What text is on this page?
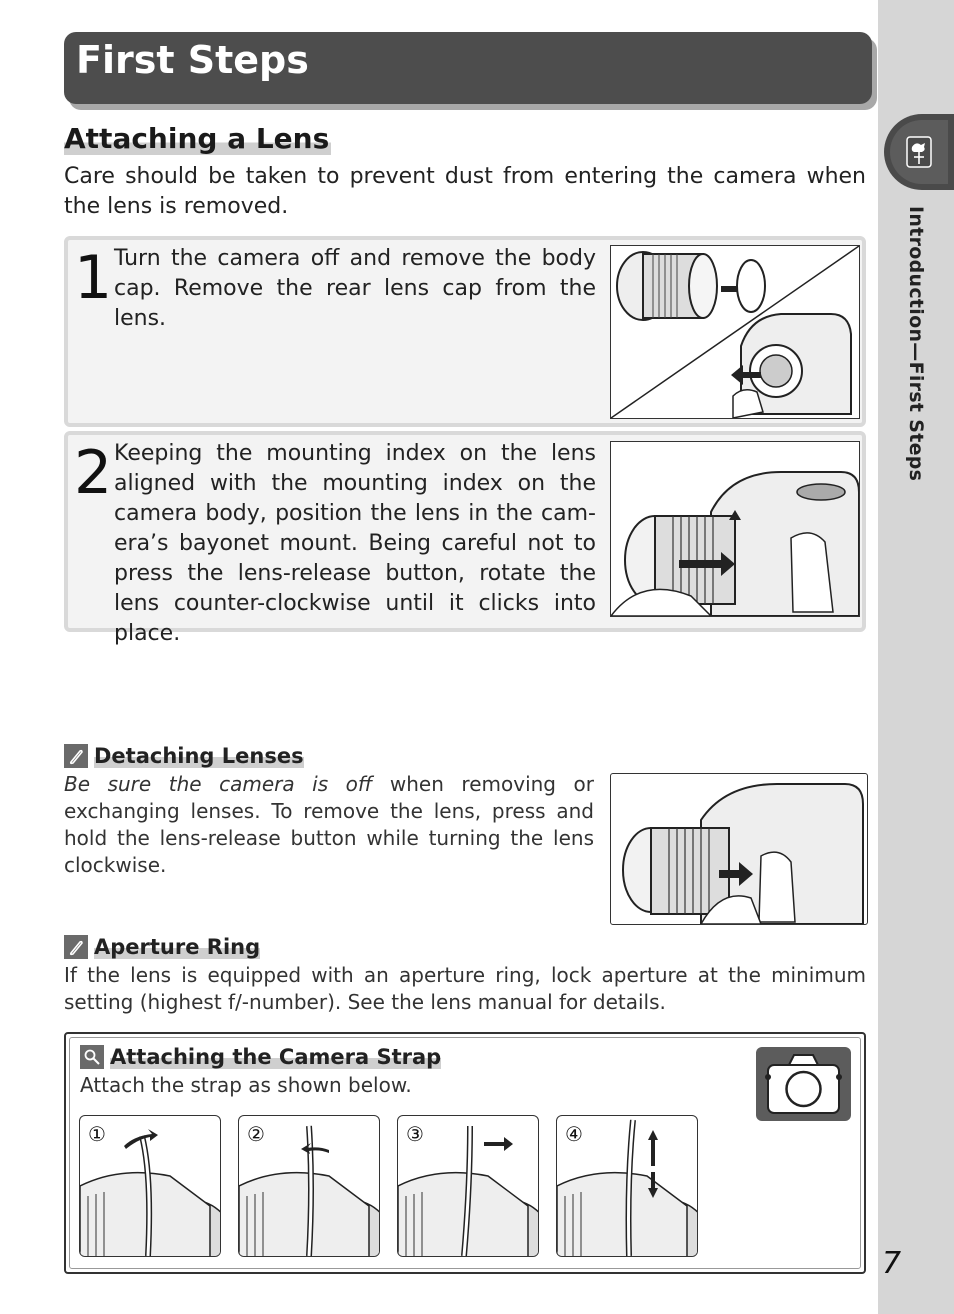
Introduction—First Steps
7
First Steps
Attaching a Lens
Care should be taken to prevent dust from entering the camera when the lens is removed.
1 Turn the camera off and remove the body cap. Remove the rear lens cap from the lens.
2 Keeping the mounting index on the lens aligned with the mounting index on the camera body, position the lens in the camera’s bayonet mount. Being careful not to press the lens-release button, rotate the lens counter-clockwise until it clicks into place.
Detaching Lenses
Be sure the camera is off when removing or exchanging lenses. To remove the lens, press and hold the lens-release button while turning the lens clockwise.
Aperture Ring
If the lens is equipped with an aperture ring, lock aperture at the minimum setting (highest f/-number). See the lens manual for details.
Attaching the Camera Strap
Attach the strap as shown below.
①	②	③	④
